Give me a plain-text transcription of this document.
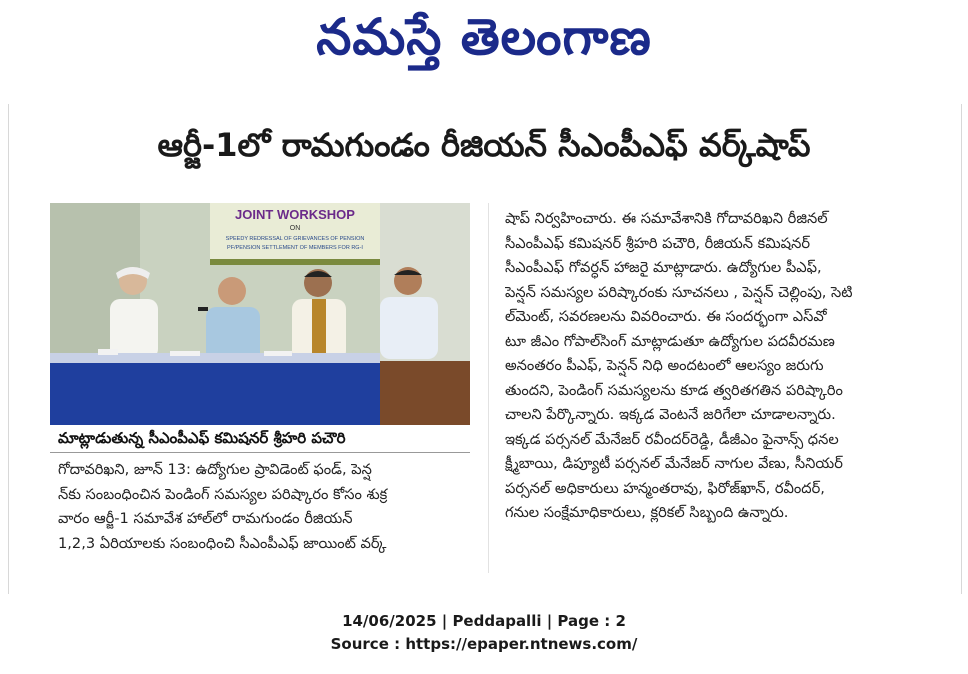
నమస్తే తెలంగాణ
ఆర్జీ-1లో రామగుండం రీజియన్ సీఎంపీఎఫ్ వర్క్‌షాప్
JOINT WORKSHOP
ON
SPEEDY REDRESSAL OF GRIEVANCES OF PENSION
PF/PENSION SETTLEMENT OF MEMBERS FOR RG-I
మాట్లాడుతున్న సీఎంపీఎఫ్ కమిషనర్ శ్రీహరి పచౌరి
గోదావరిఖని, జూన్ 13: ఉద్యోగుల ప్రావిడెంట్ ఫండ్, పెన్ష
న్‌కు సంబంధించిన పెండింగ్ సమస్యల పరిష్కారం కోసం శుక్ర
వారం ఆర్జీ-1 సమావేశ హాల్‌లో రామగుండం రీజియన్
1,2,3 ఏరియాలకు సంబంధించి సీఎంపీఎఫ్ జాయింట్ వర్క్
షాప్ నిర్వహించారు. ఈ సమావేశానికి గోదావరిఖని రీజినల్
సీఎంపీఎఫ్ కమిషనర్ శ్రీహరి పచౌరి, రీజియన్ కమిషనర్
సీఎంపీఎఫ్ గోవర్ధన్ హాజరై మాట్లాడారు. ఉద్యోగుల పీఎఫ్,
పెన్షన్ సమస్యల పరిష్కారంకు సూచనలు , పెన్షన్ చెల్లింపు, సెటి
ల్‌మెంట్, సవరణలను వివరించారు. ఈ సందర్భంగా ఎస్‌వో
టూ జీఎం గోపాల్‌సింగ్ మాట్లాడుతూ ఉద్యోగుల పదవీరమణ
అనంతరం పీఎఫ్, పెన్షన్ నిధి అందటంలో ఆలస్యం జరుగు
తుందని, పెండింగ్ సమస్యలను కూడ త్వరితగతిన పరిష్కారిం
చాలని పేర్కొన్నారు. ఇక్కడ వెంటనే జరిగేలా చూడాలన్నారు.
ఇక్కడ పర్సనల్ మేనేజర్ రవీందర్‌రెడ్డి, డీజీఎం ఫైనాన్స్ ధనల
క్ష్మీబాయి, డిప్యూటీ పర్సనల్ మేనేజర్ నాగుల వేణు, సీనియర్
పర్సనల్ అధికారులు హన్మంతరావు, ఫిరోజ్‌ఖాన్, రవీందర్,
గనుల సంక్షేమాధికారులు, క్లరికల్ సిబ్బంది ఉన్నారు.
14/06/2025 | Peddapalli | Page : 2
Source : https://epaper.ntnews.com/
